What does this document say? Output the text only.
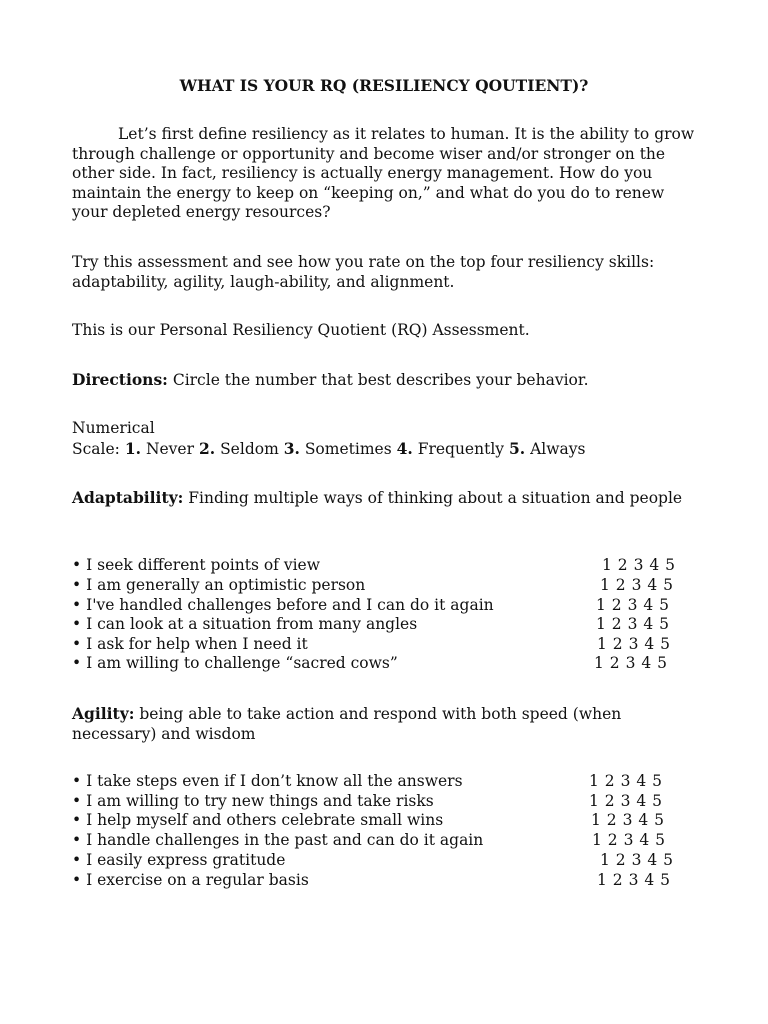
WHAT IS YOUR RQ (RESILIENCY QOUTIENT)?
Let’s first define resiliency as it relates to human. It is the ability to grow through challenge or opportunity and become wiser and/or stronger on the other side. In fact, resiliency is actually energy management. How do you maintain the energy to keep on “keeping on,” and what do you do to renew your depleted energy resources?
Try this assessment and see how you rate on the top four resiliency skills: adaptability, agility, laugh-ability, and alignment.
This is our Personal Resiliency Quotient (RQ) Assessment.
Directions: Circle the number that best describes your behavior.
Numerical
Scale: 1. Never 2. Seldom 3. Sometimes 4. Frequently 5. Always
Adaptability: Finding multiple ways of thinking about a situation and people
• I seek different points of view	1 2 3 4 5
• I am generally an optimistic person	1 2 3 4 5
• I've handled challenges before and I can do it again	1 2 3 4 5
• I can look at a situation from many angles	1 2 3 4 5
• I ask for help when I need it	1 2 3 4 5
• I am willing to challenge “sacred cows”	1 2 3 4 5
Agility: being able to take action and respond with both speed (when necessary) and wisdom
• I take steps even if I don’t know all the answers	1 2 3 4 5
• I am willing to try new things and take risks	1 2 3 4 5
• I help myself and others celebrate small wins	1 2 3 4 5
• I handle challenges in the past and can do it again	1 2 3 4 5
• I easily express gratitude	1 2 3 4 5
• I exercise on a regular basis	1 2 3 4 5
